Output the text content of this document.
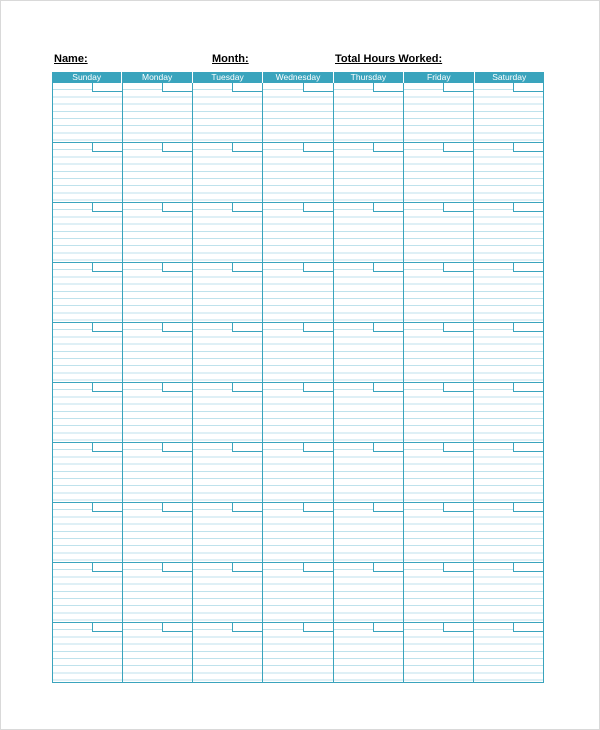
Name:	Month:	Total Hours Worked:
Sunday	Monday	Tuesday	Wednesday	Thursday	Friday	Saturday
